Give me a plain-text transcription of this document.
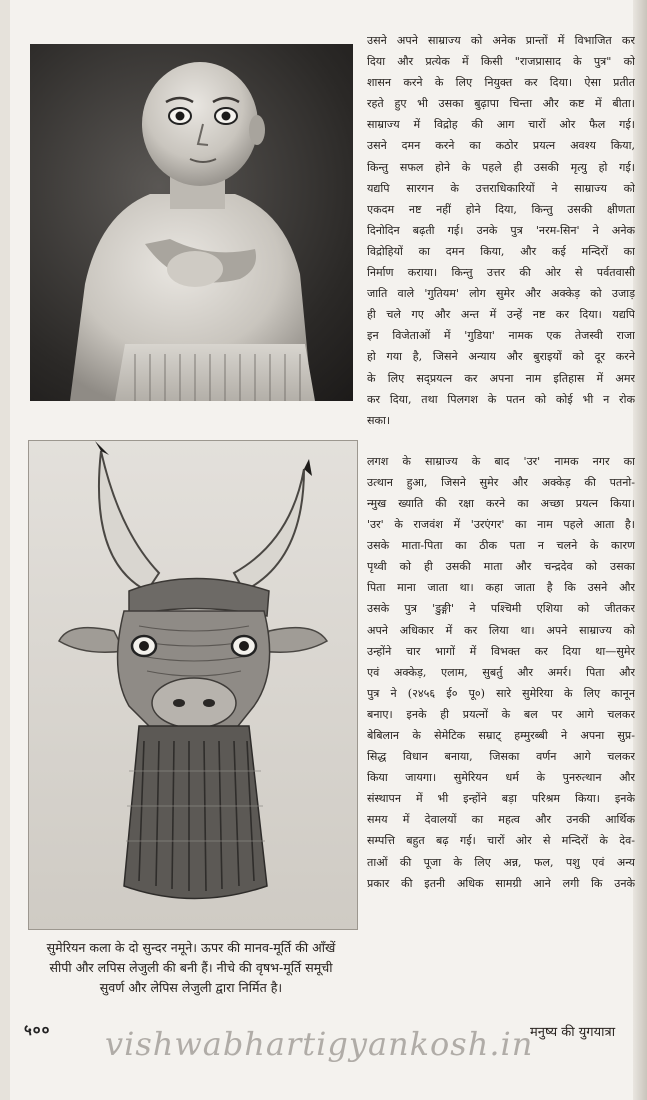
सुमेरियन कला के दो सुन्दर नमूने। ऊपर की मानव-मूर्ति की आँखें
सीपी और लपिस लेजुली की बनी हैं। नीचे की वृषभ-मूर्ति समूची
सुवर्ण और लेपिस लेजुली द्वारा निर्मित है।
उसने अपने साम्राज्य को अनेक प्रान्तों में विभाजित कर
दिया और प्रत्येक में किसी "राजप्रासाद के पुत्र" को
शासन करने के लिए नियुक्त कर दिया। ऐसा प्रतीत
रहते हुए भी उसका बुढ़ापा चिन्ता और कष्ट में बीता।
साम्राज्य में विद्रोह की आग चारों ओर फैल गई।
उसने दमन करने का कठोर प्रयत्न अवश्य किया,
किन्तु सफल होने के पहले ही उसकी मृत्यु हो गई।
यद्यपि सारगन के उत्तराधिकारियों ने साम्राज्य को
एकदम नष्ट नहीं होने दिया, किन्तु उसकी क्षीणता
दिनोदिन बढ़ती गई। उनके पुत्र 'नरम-सिन' ने अनेक
विद्रोहियों का दमन किया, और कई मन्दिरों का
निर्माण कराया। किन्तु उत्तर की ओर से पर्वतवासी
जाति वाले 'गुतियम' लोग सुमेर और अक्केड़ को उजाड़
ही चले गए और अन्त में उन्हें नष्ट कर दिया। यद्यपि
इन विजेताओं में 'गुडिया' नामक एक तेजस्वी राजा
हो गया है, जिसने अन्याय और बुराइयों को दूर करने
के लिए सद्प्रयत्न कर अपना नाम इतिहास में अमर
कर दिया, तथा पिलगश के पतन को कोई भी न रोक
सका।
लगश के साम्राज्य के बाद 'उर' नामक नगर का
उत्थान हुआ, जिसने सुमेर और अक्केड़ की पतनो-
न्मुख ख्याति की रक्षा करने का अच्छा प्रयत्न किया।
'उर' के राजवंश में 'उरएंगर' का नाम पहले आता है।
उसके माता-पिता का ठीक पता न चलने के कारण
पृथ्वी को ही उसकी माता और चन्द्रदेव को उसका
पिता माना जाता था। कहा जाता है कि उसने और
उसके पुत्र 'डुङ्गी' ने पश्चिमी एशिया को जीतकर
अपने अधिकार में कर लिया था। अपने साम्राज्य को
उन्होंने चार भागों में विभक्त कर दिया था—सुमेर
एवं अक्केड़, एलाम, सुबर्तु और अमर्र। पिता और
पुत्र ने (२४५६ ई० पू०) सारे सुमेरिया के लिए कानून
बनाए। इनके ही प्रयत्नों के बल पर आगे चलकर
बेबिलान के सेमेटिक सम्राट् हम्मुरब्बी ने अपना सुप्र-
सिद्ध विधान बनाया, जिसका वर्णन आगे चलकर
किया जायगा। सुमेरियन धर्म के पुनरुत्थान और
संस्थापन में भी इन्होंने बड़ा परिश्रम किया। इनके
समय में देवालयों का महत्व और उनकी आर्थिक
सम्पत्ति बहुत बढ़ गई। चारों ओर से मन्दिरों के देव-
ताओं की पूजा के लिए अन्न, फल, पशु एवं अन्य
प्रकार की इतनी अधिक सामग्री आने लगी कि उनके
५०० vishwabhartigyankosh.in
मनुष्य की युगयात्रा
